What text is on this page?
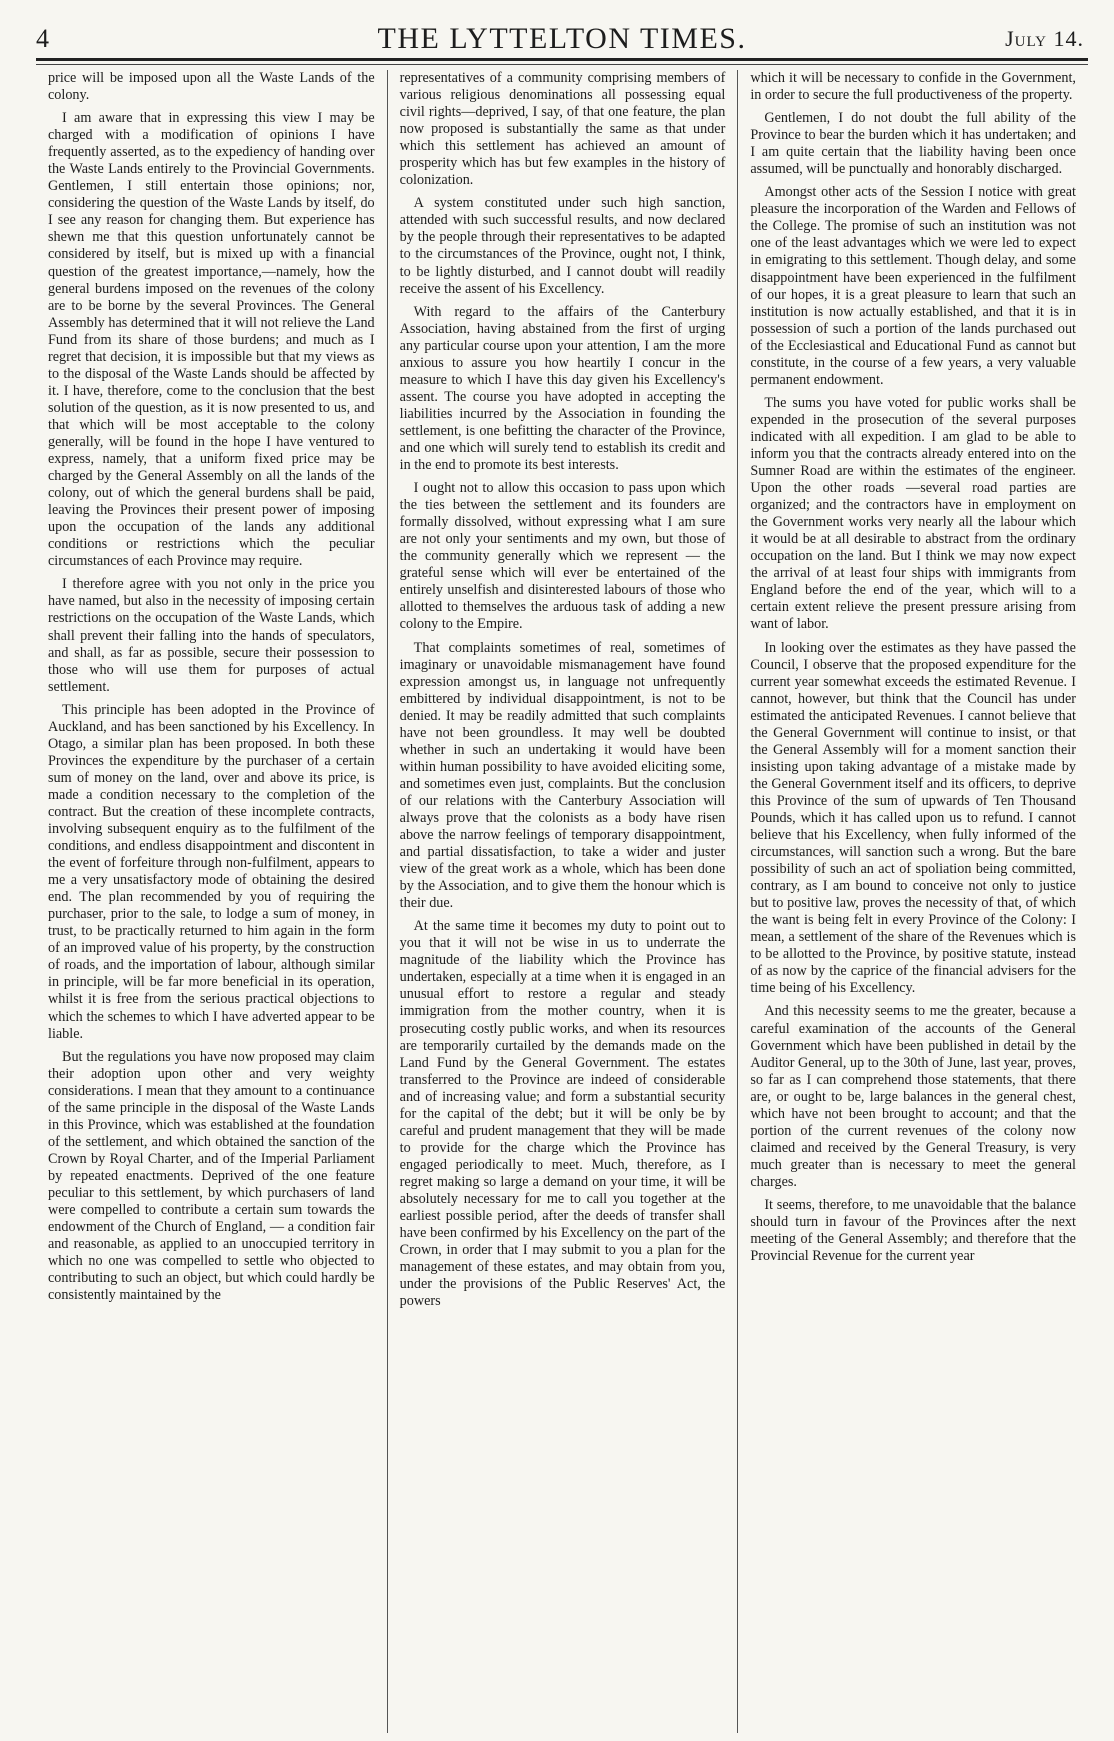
4	THE LYTTELTON TIMES.	July 14.

price will be imposed upon all the Waste Lands of the colony.

I am aware that in expressing this view I may be charged with a modification of opinions I have frequently asserted, as to the expediency of handing over the Waste Lands entirely to the Provincial Governments. Gentlemen, I still entertain those opinions; nor, considering the question of the Waste Lands by itself, do I see any reason for changing them. But experience has shewn me that this question unfortunately cannot be considered by itself, but is mixed up with a financial question of the greatest importance,—namely, how the general burdens imposed on the revenues of the colony are to be borne by the several Provinces. The General Assembly has determined that it will not relieve the Land Fund from its share of those burdens; and much as I regret that decision, it is impossible but that my views as to the disposal of the Waste Lands should be affected by it. I have, therefore, come to the conclusion that the best solution of the question, as it is now presented to us, and that which will be most acceptable to the colony generally, will be found in the hope I have ventured to express, namely, that a uniform fixed price may be charged by the General Assembly on all the lands of the colony, out of which the general burdens shall be paid, leaving the Provinces their present power of imposing upon the occupation of the lands any additional conditions or restrictions which the peculiar circumstances of each Province may require.

I therefore agree with you not only in the price you have named, but also in the necessity of imposing certain restrictions on the occupation of the Waste Lands, which shall prevent their falling into the hands of speculators, and shall, as far as possible, secure their possession to those who will use them for purposes of actual settlement.

This principle has been adopted in the Province of Auckland, and has been sanctioned by his Excellency. In Otago, a similar plan has been proposed. In both these Provinces the expenditure by the purchaser of a certain sum of money on the land, over and above its price, is made a condition necessary to the completion of the contract. But the creation of these incomplete contracts, involving subsequent enquiry as to the fulfilment of the conditions, and endless disappointment and discontent in the event of forfeiture through non-fulfilment, appears to me a very unsatisfactory mode of obtaining the desired end. The plan recommended by you of requiring the purchaser, prior to the sale, to lodge a sum of money, in trust, to be practically returned to him again in the form of an improved value of his property, by the construction of roads, and the importation of labour, although similar in principle, will be far more beneficial in its operation, whilst it is free from the serious practical objections to which the schemes to which I have adverted appear to be liable.

But the regulations you have now proposed may claim their adoption upon other and very weighty considerations. I mean that they amount to a continuance of the same principle in the disposal of the Waste Lands in this Province, which was established at the foundation of the settlement, and which obtained the sanction of the Crown by Royal Charter, and of the Imperial Parliament by repeated enactments. Deprived of the one feature peculiar to this settlement, by which purchasers of land were compelled to contribute a certain sum towards the endowment of the Church of England, — a condition fair and reasonable, as applied to an unoccupied territory in which no one was compelled to settle who objected to contributing to such an object, but which could hardly be consistently maintained by the

representatives of a community comprising members of various religious denominations all possessing equal civil rights—deprived, I say, of that one feature, the plan now proposed is substantially the same as that under which this settlement has achieved an amount of prosperity which has but few examples in the history of colonization.

A system constituted under such high sanction, attended with such successful results, and now declared by the people through their representatives to be adapted to the circumstances of the Province, ought not, I think, to be lightly disturbed, and I cannot doubt will readily receive the assent of his Excellency.

With regard to the affairs of the Canterbury Association, having abstained from the first of urging any particular course upon your attention, I am the more anxious to assure you how heartily I concur in the measure to which I have this day given his Excellency's assent. The course you have adopted in accepting the liabilities incurred by the Association in founding the settlement, is one befitting the character of the Province, and one which will surely tend to establish its credit and in the end to promote its best interests.

I ought not to allow this occasion to pass upon which the ties between the settlement and its founders are formally dissolved, without expressing what I am sure are not only your sentiments and my own, but those of the community generally which we represent — the grateful sense which will ever be entertained of the entirely unselfish and disinterested labours of those who allotted to themselves the arduous task of adding a new colony to the Empire.

That complaints sometimes of real, sometimes of imaginary or unavoidable mismanagement have found expression amongst us, in language not unfrequently embittered by individual disappointment, is not to be denied. It may be readily admitted that such complaints have not been groundless. It may well be doubted whether in such an undertaking it would have been within human possibility to have avoided eliciting some, and sometimes even just, complaints. But the conclusion of our relations with the Canterbury Association will always prove that the colonists as a body have risen above the narrow feelings of temporary disappointment, and partial dissatisfaction, to take a wider and juster view of the great work as a whole, which has been done by the Association, and to give them the honour which is their due.

At the same time it becomes my duty to point out to you that it will not be wise in us to underrate the magnitude of the liability which the Province has undertaken, especially at a time when it is engaged in an unusual effort to restore a regular and steady immigration from the mother country, when it is prosecuting costly public works, and when its resources are temporarily curtailed by the demands made on the Land Fund by the General Government. The estates transferred to the Province are indeed of considerable and of increasing value; and form a substantial security for the capital of the debt; but it will be only be by careful and prudent management that they will be made to provide for the charge which the Province has engaged periodically to meet. Much, therefore, as I regret making so large a demand on your time, it will be absolutely necessary for me to call you together at the earliest possible period, after the deeds of transfer shall have been confirmed by his Excellency on the part of the Crown, in order that I may submit to you a plan for the management of these estates, and may obtain from you, under the provisions of the Public Reserves' Act, the powers

which it will be necessary to confide in the Government, in order to secure the full productiveness of the property.

Gentlemen, I do not doubt the full ability of the Province to bear the burden which it has undertaken; and I am quite certain that the liability having been once assumed, will be punctually and honorably discharged.

Amongst other acts of the Session I notice with great pleasure the incorporation of the Warden and Fellows of the College. The promise of such an institution was not one of the least advantages which we were led to expect in emigrating to this settlement. Though delay, and some disappointment have been experienced in the fulfilment of our hopes, it is a great pleasure to learn that such an institution is now actually established, and that it is in possession of such a portion of the lands purchased out of the Ecclesiastical and Educational Fund as cannot but constitute, in the course of a few years, a very valuable permanent endowment.

The sums you have voted for public works shall be expended in the prosecution of the several purposes indicated with all expedition. I am glad to be able to inform you that the contracts already entered into on the Sumner Road are within the estimates of the engineer. Upon the other roads —several road parties are organized; and the contractors have in employment on the Government works very nearly all the labour which it would be at all desirable to abstract from the ordinary occupation on the land. But I think we may now expect the arrival of at least four ships with immigrants from England before the end of the year, which will to a certain extent relieve the present pressure arising from want of labor.

In looking over the estimates as they have passed the Council, I observe that the proposed expenditure for the current year somewhat exceeds the estimated Revenue. I cannot, however, but think that the Council has under estimated the anticipated Revenues. I cannot believe that the General Government will continue to insist, or that the General Assembly will for a moment sanction their insisting upon taking advantage of a mistake made by the General Government itself and its officers, to deprive this Province of the sum of upwards of Ten Thousand Pounds, which it has called upon us to refund. I cannot believe that his Excellency, when fully informed of the circumstances, will sanction such a wrong. But the bare possibility of such an act of spoliation being committed, contrary, as I am bound to conceive not only to justice but to positive law, proves the necessity of that, of which the want is being felt in every Province of the Colony: I mean, a settlement of the share of the Revenues which is to be allotted to the Province, by positive statute, instead of as now by the caprice of the financial advisers for the time being of his Excellency.

And this necessity seems to me the greater, because a careful examination of the accounts of the General Government which have been published in detail by the Auditor General, up to the 30th of June, last year, proves, so far as I can comprehend those statements, that there are, or ought to be, large balances in the general chest, which have not been brought to account; and that the portion of the current revenues of the colony now claimed and received by the General Treasury, is very much greater than is necessary to meet the general charges.

It seems, therefore, to me unavoidable that the balance should turn in favour of the Provinces after the next meeting of the General Assembly; and therefore that the Provincial Revenue for the current year
